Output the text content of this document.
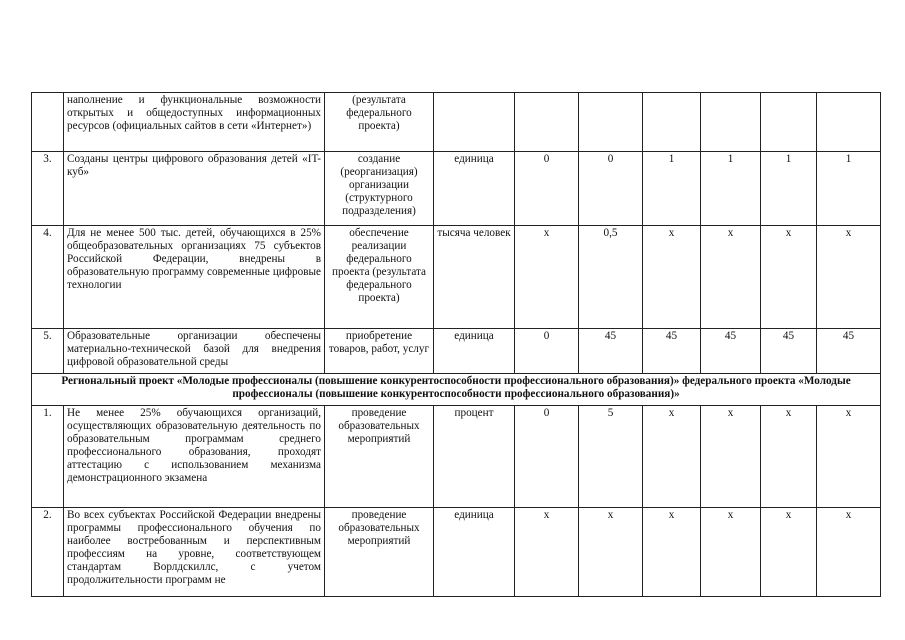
	наполнение и функциональные возможности открытых и общедоступных информационных ресурсов (официальных сайтов в сети «Интернет»)	(результата федерального проекта)							
3.	Созданы центры цифрового образования детей «IT-куб»	создание (реорганизация) организации (структурного подразделения)	единица	0	0	1	1	1	1
4.	Для не менее 500 тыс. детей, обучающихся в 25% общеобразовательных организациях 75 субъектов Российской Федерации, внедрены в образовательную программу современные цифровые технологии	обеспечение реализации федерального проекта (результата федерального проекта)	тысяча человек	x	0,5	x	x	x	x
5.	Образовательные организации обеспечены материально-технической базой для внедрения цифровой образовательной среды	приобретение товаров, работ, услуг	единица	0	45	45	45	45	45
Региональный проект «Молодые профессионалы (повышение конкурентоспособности профессионального образования)» федерального проекта «Молодые профессионалы (повышение конкурентоспособности профессионального образования)»									
1.	Не менее 25% обучающихся организаций, осуществляющих образовательную деятельность по образовательным программам среднего профессионального образования, проходят аттестацию с использованием механизма демонстрационного экзамена	проведение образовательных мероприятий	процент	0	5	x	x	x	x
2.	Во всех субъектах Российской Федерации внедрены программы профессионального обучения по наиболее востребованным и перспективным профессиям на уровне, соответствующем стандартам Ворлдскиллс, с учетом продолжительности программ не	проведение образовательных мероприятий	единица	x	x	x	x	x	x
